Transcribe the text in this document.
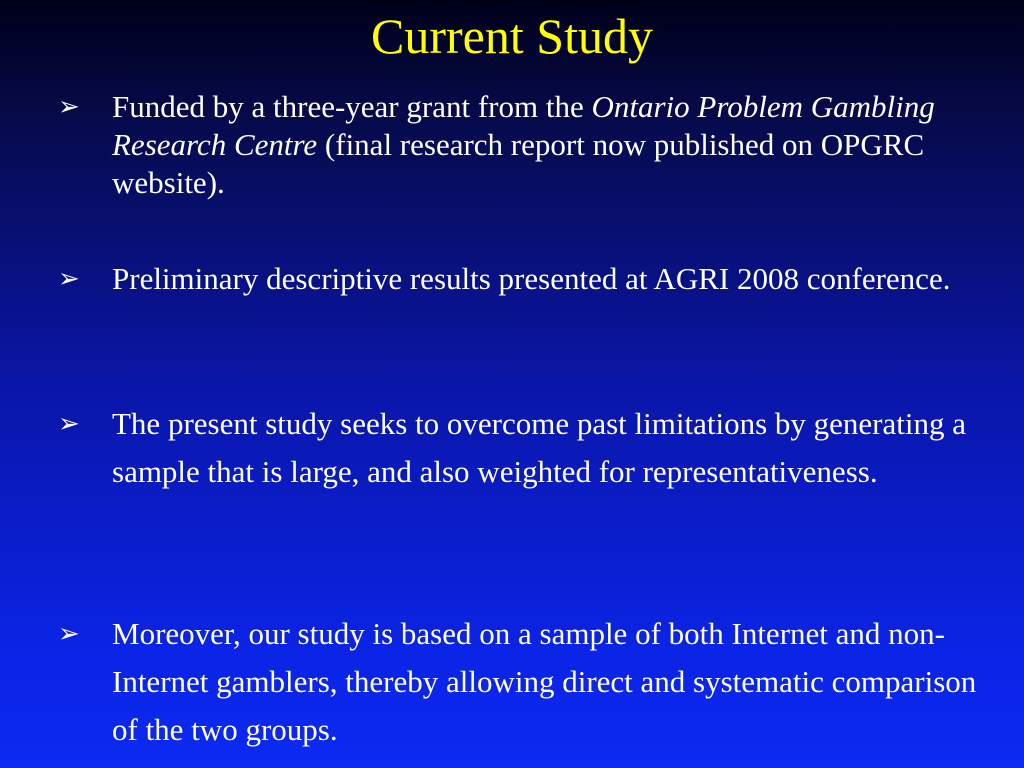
Current Study
➢ Funded by a three-year grant from the Ontario Problem Gambling Research Centre (final research report now published on OPGRC website).
➢ Preliminary descriptive results presented at AGRI 2008 conference.
➢ The present study seeks to overcome past limitations by generating a sample that is large, and also weighted for representativeness.
➢ Moreover, our study is based on a sample of both Internet and non-Internet gamblers, thereby allowing direct and systematic comparison of the two groups.
